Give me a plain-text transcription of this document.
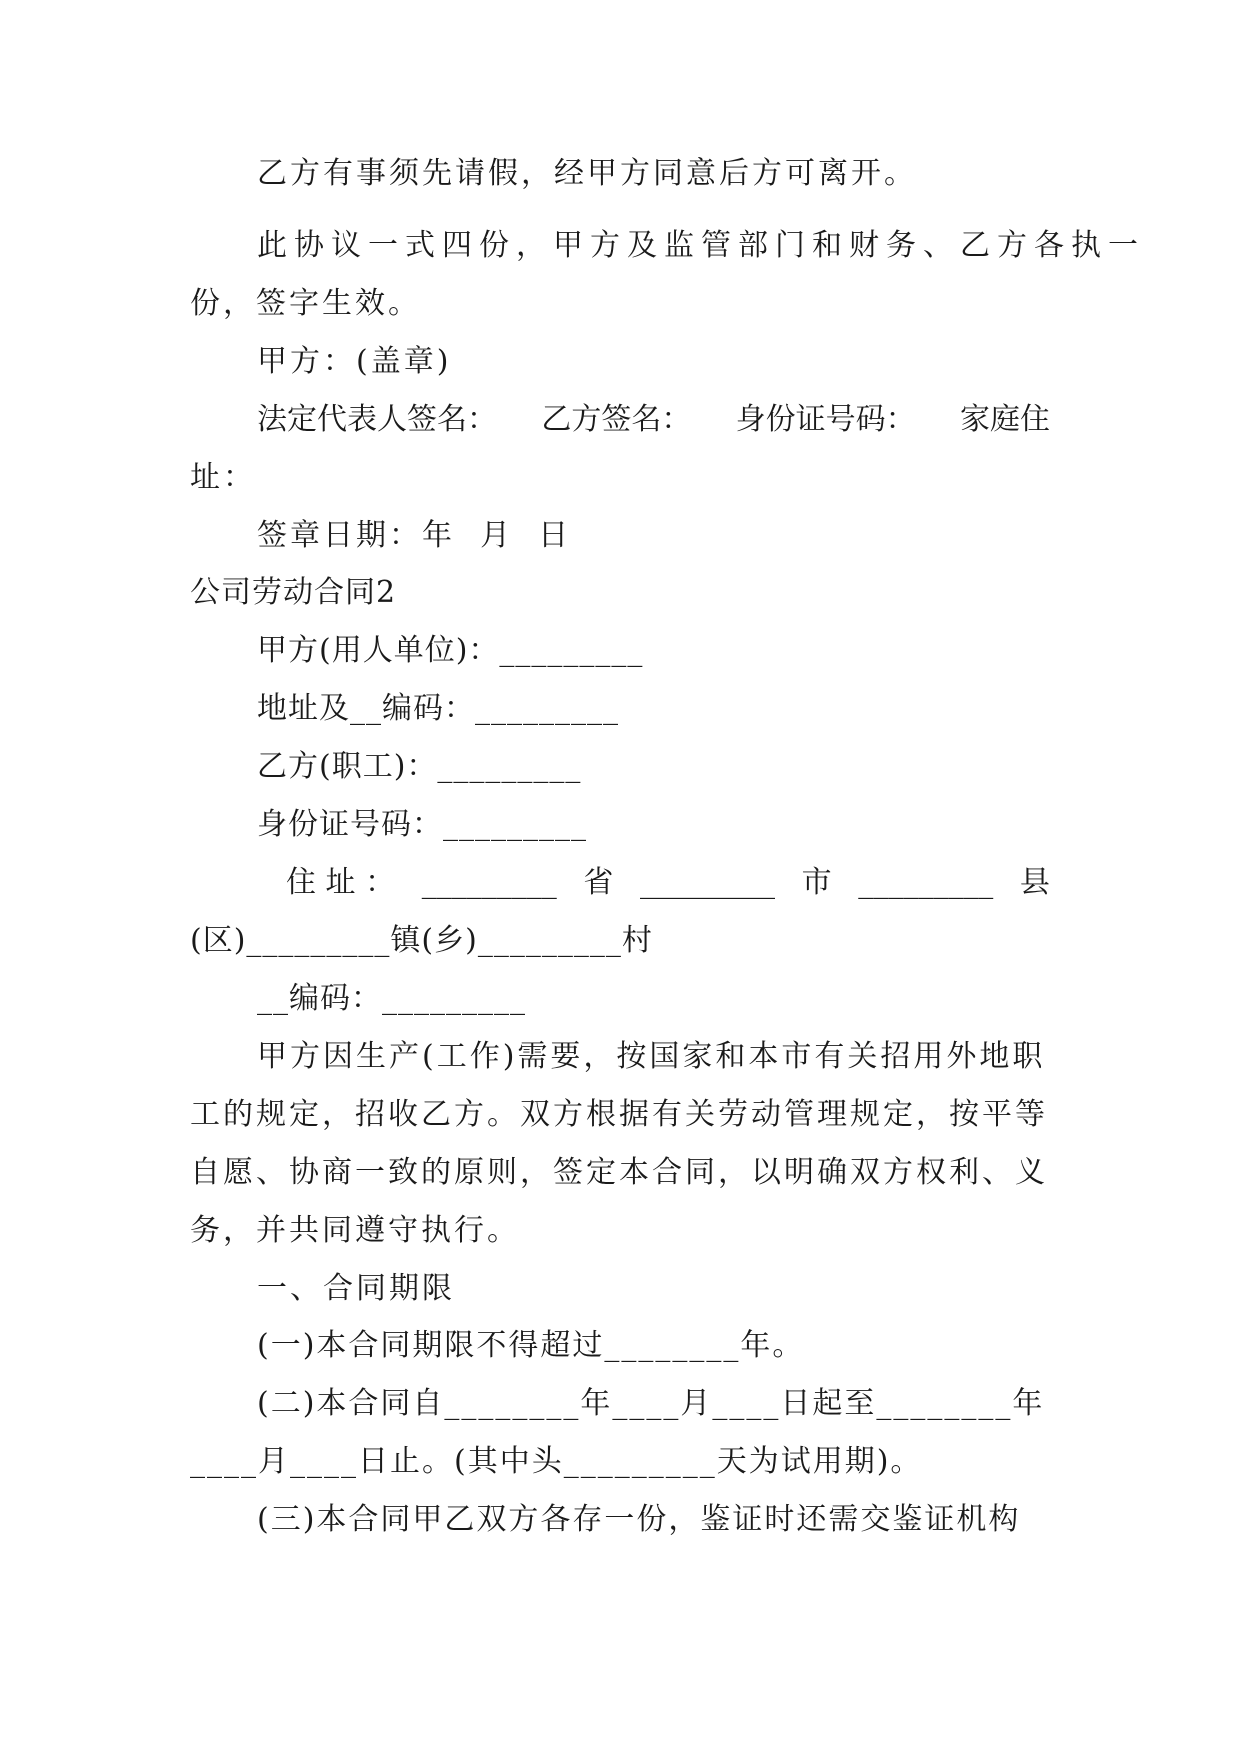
乙方有事须先请假，经甲方同意后方可离开。
此协议一式四份，甲方及监管部门和财务、乙方各执一
份，签字生效。
甲方：(盖章)
法定代表人签名： 乙方签名： 身份证号码： 家庭住
址：
签章日期：年  月  日
公司劳动合同2
甲方(用人单位)：_________
地址及__编码：_________
乙方(职工)：_________
身份证号码：_________
住 址 ： _________ 省 _________ 市 _________ 县
(区)_________镇(乡)_________村
__编码：_________
甲方因生产(工作)需要，按国家和本市有关招用外地职
工的规定，招收乙方。双方根据有关劳动管理规定，按平等
自愿、协商一致的原则，签定本合同，以明确双方权利、义
务，并共同遵守执行。
一、合同期限
(一)本合同期限不得超过________年。
(二)本合同自________年____月____日起至________年
____月____日止。(其中头_________天为试用期)。
(三)本合同甲乙双方各存一份，鉴证时还需交鉴证机构
